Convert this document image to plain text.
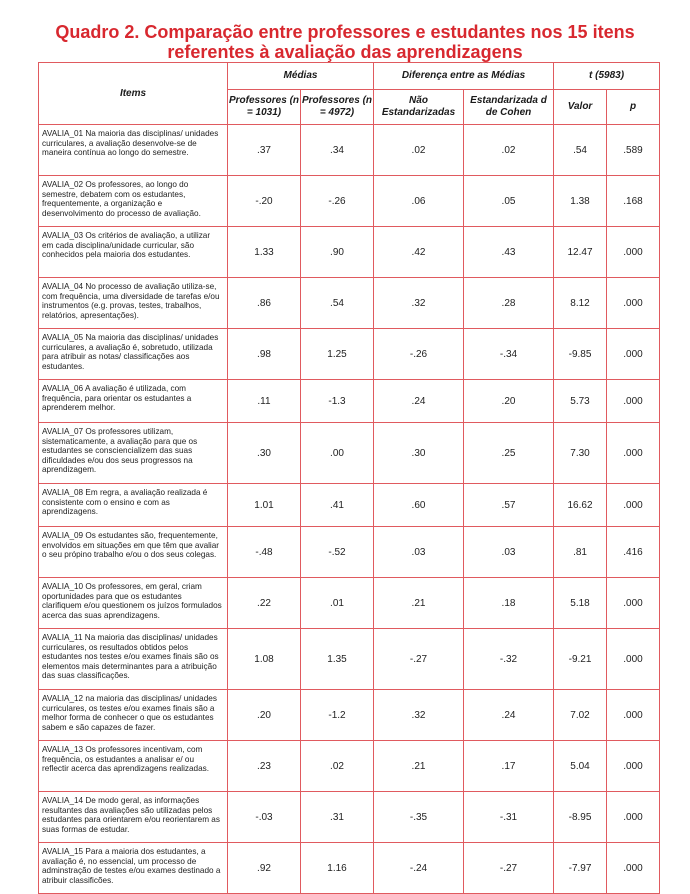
Quadro 2. Comparação entre professores e estudantes nos 15 itens
referentes à avaliação das aprendizagens
Items	Médias		Diferença entre as Médias		t (5983)	
	Professores (n = 1031)	Professores (n = 4972)	Não Estandarizadas	Estandarizada d de Cohen	Valor	p
AVALIA_01 Na maioria das disciplinas/ unidades curriculares, a avaliação desenvolve-se de maneira contínua ao longo do semestre.	.37	.34	.02	.02	.54	.589
AVALIA_02 Os professores, ao longo do semestre, debatem com os estudantes, frequentemente, a organização e desenvolvimento do processo de avaliação.	-.20	-.26	.06	.05	1.38	.168
AVALIA_03 Os critérios de avaliação, a utilizar em cada disciplina/unidade curricular, são conhecidos pela maioria dos estudantes.	1.33	.90	.42	.43	12.47	.000
AVALIA_04 No processo de avaliação utiliza-se, com frequência, uma diversidade de tarefas e/ou instrumentos (e.g. provas, testes, trabalhos, relatórios, apresentações).	.86	.54	.32	.28	8.12	.000
AVALIA_05 Na maioria das disciplinas/ unidades curriculares, a avaliação é, sobretudo, utilizada para atribuir as notas/ classificações aos estudantes.	.98	1.25	-.26	-.34	-9.85	.000
AVALIA_06 A avaliação é utilizada, com frequência, para orientar os estudantes a aprenderem melhor.	.11	-1.3	.24	.20	5.73	.000
AVALIA_07 Os professores utilizam, sistematicamente, a avaliação para que os estudantes se consciencializem das suas dificuldades e/ou dos seus progressos na aprendizagem.	.30	.00	.30	.25	7.30	.000
AVALIA_08 Em regra, a avaliação realizada é consistente com o ensino e com as aprendizagens.	1.01	.41	.60	.57	16.62	.000
AVALIA_09 Os estudantes são, frequentemente, envolvidos em situações em que têm que avaliar o seu própino trabalho e/ou o dos seus colegas.	-.48	-.52	.03	.03	.81	.416
AVALIA_10 Os professores, em geral, criam oportunidades para que os estudantes clarifiquem e/ou questionem os juízos formulados acerca das suas aprendizagens.	.22	.01	.21	.18	5.18	.000
AVALIA_11 Na maioria das disciplinas/ unidades curriculares, os resultados obtidos pelos estudantes nos testes e/ou exames finais são os elementos mais determinantes para a atribuição das suas classificações.	1.08	1.35	-.27	-.32	-9.21	.000
AVALIA_12 na maioria das disciplinas/ unidades curriculares, os testes e/ou exames finais são a melhor forma de conhecer o que os estudantes sabem e são capazes de fazer.	.20	-1.2	.32	.24	7.02	.000
AVALIA_13 Os professores incentivam, com frequência, os estudantes a analisar e/ ou reflectir acerca das aprendizagens realizadas.	.23	.02	.21	.17	5.04	.000
AVALIA_14 De modo geral, as informações resultantes das avaliações são utilizadas pelos estudantes para orientarem e/ou reorientarem as suas formas de estudar.	-.03	.31	-.35	-.31	-8.95	.000
AVALIA_15 Para a maioria dos estudantes, a avaliação é, no essencial, um processo de adminstração de testes e/ou exames destinado a atribuir classificões.	.92	1.16	-.24	-.27	-7.97	.000
